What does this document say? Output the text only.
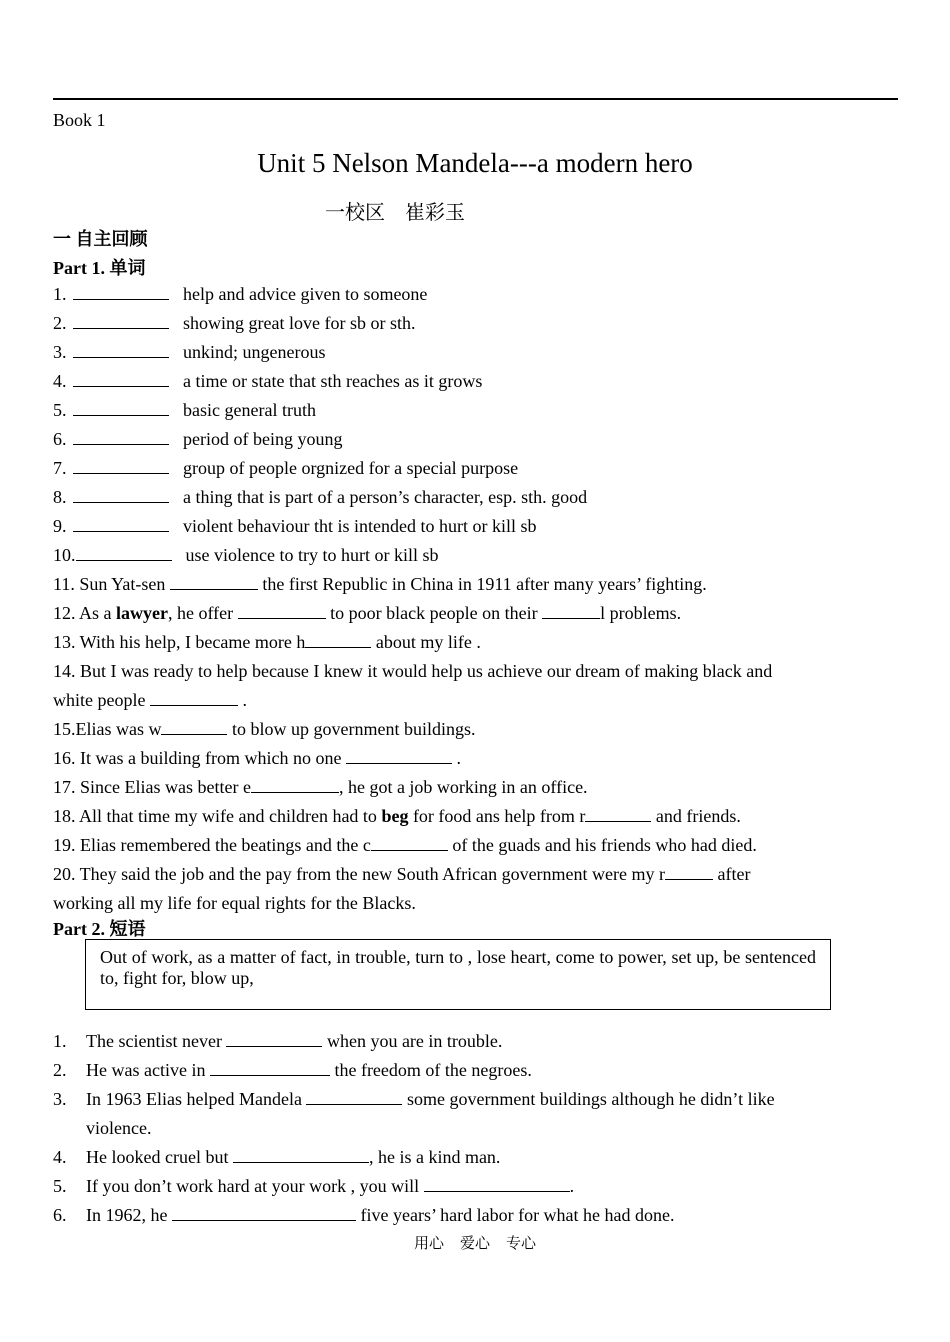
Book 1
Unit 5 Nelson Mandela---a modern hero
一校区 崔彩玉
一 自主回顾
Part 1. 单词
1.	help and advice given to someone
2.	showing great love for sb or sth.
3.	unkind; ungenerous
4.	a time or state that sth reaches as it grows
5.	basic general truth
6.	period of being young
7.	group of people orgnized for a special purpose
8.	a thing that is part of a person’s character, esp. sth. good
9.	violent behaviour tht is intended to hurt or kill sb
10.	use violence to try to hurt or kill sb
11. Sun Yat-sen	the first Republic in China in 1911 after many years’ fighting.
12. As a lawyer, he offer	to poor black people on their	l problems.
13. With his help, I became more h	about my life .
14. But I was ready to help because I knew it would help us achieve our dream of making black and
white people	.
15.Elias was w	to blow up government buildings.
16. It was a building from which no one	.
17. Since Elias was better e	, he got a job working in an office.
18. All that time my wife and children had to beg for food ans help from r	and friends.
19. Elias remembered the beatings and the c	of the guads and his friends who had died.
20. They said the job and the pay from the new South African government were my r	after
working all my life for equal rights for the Blacks.
Part 2. 短语
Out of work, as a matter of fact, in trouble, turn to , lose heart, come to power, set up, be sentenced to, fight for, blow up,
1. The scientist never	when you are in trouble.
2. He was active in	the freedom of the negroes.
3. In 1963 Elias helped Mandela	some government buildings although he didn’t like
violence.
4. He looked cruel but	, he is a kind man.
5. If you don’t work hard at your work , you will	.
6. In 1962, he	five years’ hard labor for what he had done.
用心 爱心 专心
